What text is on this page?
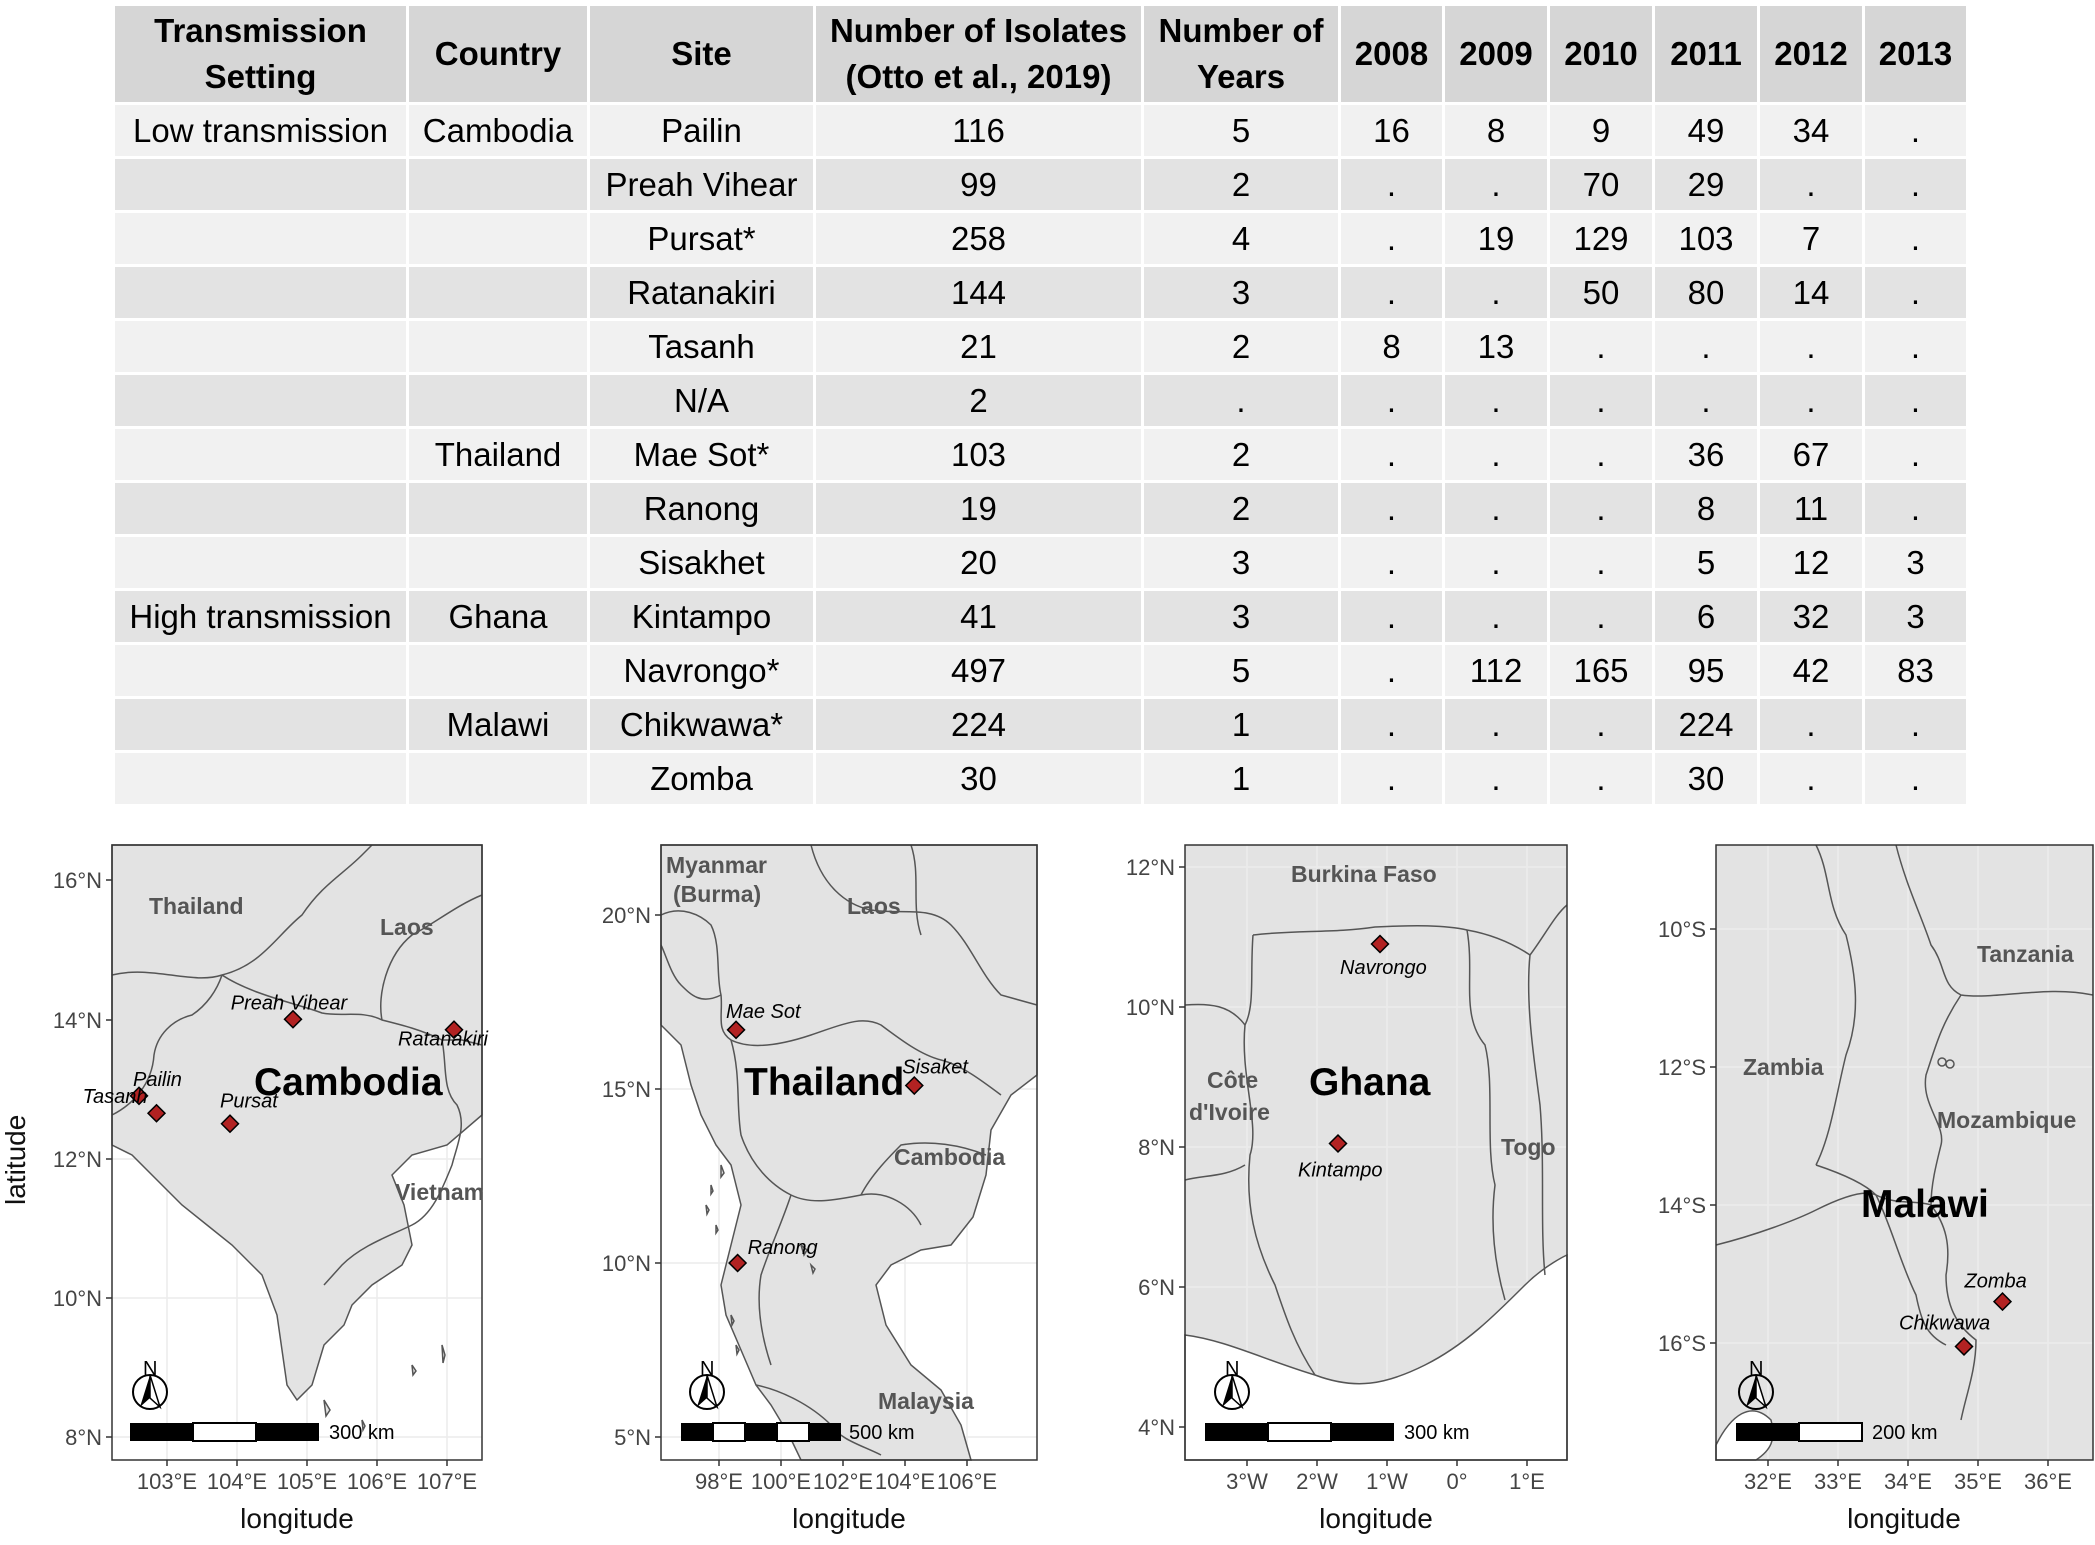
Transmission Setting	Country	Site	Number of Isolates (Otto et al., 2019)	Number of Years	2008	2009	2010	2011	2012	2013
Low transmission	Cambodia	Pailin	116	5	16	8	9	49	34	.
		Preah Vihear	99	2	.	.	70	29	.	.
		Pursat*	258	4	.	19	129	103	7	.
		Ratanakiri	144	3	.	.	50	80	14	.
		Tasanh	21	2	8	13	.	.	.	.
		N/A	2	.	.	.	.	.	.	.
	Thailand	Mae Sot*	103	2	.	.	.	36	67	.
		Ranong	19	2	.	.	.	8	11	.
		Sisakhet	20	3	.	.	.	5	12	3
High transmission	Ghana	Kintampo	41	3	.	.	.	6	32	3
		Navrongo*	497	5	.	112	165	95	42	83
	Malawi	Chikwawa*	224	1	.	.	.	224	.	.
		Zomba	30	1	.	.	.	30	.	.
latitude
103°E 104°E 105°E 106°E 107°E
16°N
14°N
12°N
10°N
8°N
Thailand
Laos
Vietnam
Cambodia
Preah Vihear
Ratanakiri
Pailin
Tasanh	Pursat
N
300 km
longitude
98°E 100°E 102°E 104°E 106°E
20°N
15°N
10°N
5°N
Myanmar
(Burma)	Laos
Cambodia
Malaysia
Thailand
Mae Sot
Sisaket
Ranong
N
500 km
longitude
3°W 2°W 1°W 0° 1°E
12°N
10°N
8°N
6°N
4°N
Burkina Faso
Côte
d'Ivoire
Togo
Ghana
Navrongo
Kintampo
N
300 km
longitude
32°E 33°E 34°E 35°E 36°E
10°S
12°S
14°S
16°S
Tanzania
Zambia
Mozambique
Malawi
Zomba
Chikwawa
N
200 km
longitude
